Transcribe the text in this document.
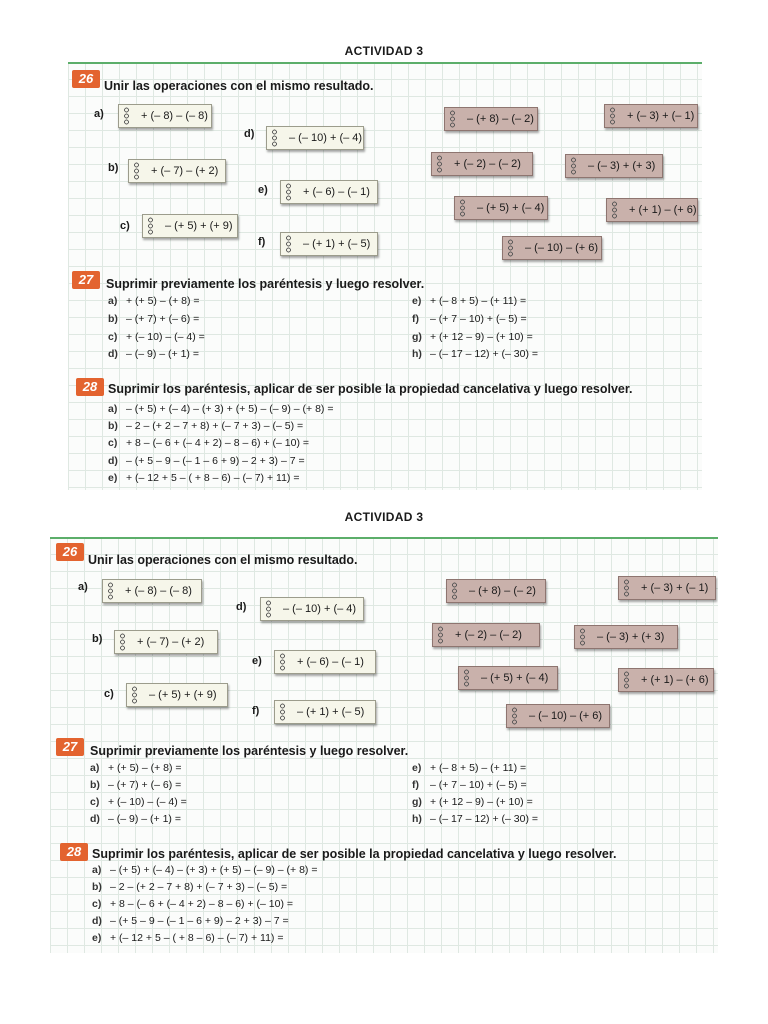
ACTIVIDAD 3
26 Unir las operaciones con el mismo resultado.
a)	+ (– 8) – (– 8)
b)	+ (– 7) – (+ 2)
c)	– (+ 5) + (+ 9)
d)	– (– 10) + (– 4)
e)	+ (– 6) – (– 1)
f)	– (+ 1) + (– 5)
– (+ 8) – (– 2)	+ (– 3) + (– 1)
+ (– 2) – (– 2)	– (– 3) + (+ 3)
– (+ 5) + (– 4)	+ (+ 1) – (+ 6)
– (– 10) – (+ 6)
27	Suprimir previamente los paréntesis y luego resolver.
a) + (+ 5) – (+ 8) =
b) – (+ 7) + (– 6) =
c) + (– 10) – (– 4) =
d) – (– 9) – (+ 1) =
e) + (– 8 + 5) – (+ 11) =
f) – (+ 7 – 10) + (– 5) =
g) + (+ 12 – 9) – (+ 10) =
h) – (– 17 – 12) + (– 30) =
28 Suprimir los paréntesis, aplicar de ser posible la propiedad cancelativa y luego resolver.
a) – (+ 5) + (– 4) – (+ 3) + (+ 5) – (– 9) – (+ 8) =
b) – 2 – (+ 2 – 7 + 8) + (– 7 + 3) – (– 5) =
c) + 8 – (– 6 + (– 4 + 2) – 8 – 6) + (– 10) =
d) – (+ 5 – 9 – (– 1 – 6 + 9) – 2 + 3) – 7 =
e) + (– 12 + 5 – ( + 8 – 6) – (– 7) + 11) =
ACTIVIDAD 3
26
Unir las operaciones con el mismo resultado.
a)	+ (– 8) – (– 8)
b)	+ (– 7) – (+ 2)
c)	– (+ 5) + (+ 9)
d)	– (– 10) + (– 4)
e)	+ (– 6) – (– 1)
f)	– (+ 1) + (– 5)
– (+ 8) – (– 2)	+ (– 3) + (– 1)
+ (– 2) – (– 2)	– (– 3) + (+ 3)
– (+ 5) + (– 4)	+ (+ 1) – (+ 6)
– (– 10) – (+ 6)
27	Suprimir previamente los paréntesis y luego resolver.
a) + (+ 5) – (+ 8) =
b) – (+ 7) + (– 6) =
c) + (– 10) – (– 4) =
d) – (– 9) – (+ 1) =
e) + (– 8 + 5) – (+ 11) =
f) – (+ 7 – 10) + (– 5) =
g) + (+ 12 – 9) – (+ 10) =
h) – (– 17 – 12) + (– 30) =
28 Suprimir los paréntesis, aplicar de ser posible la propiedad cancelativa y luego resolver.
a) – (+ 5) + (– 4) – (+ 3) + (+ 5) – (– 9) – (+ 8) =
b) – 2 – (+ 2 – 7 + 8) + (– 7 + 3) – (– 5) =
c) + 8 – (– 6 + (– 4 + 2) – 8 – 6) + (– 10) =
d) – (+ 5 – 9 – (– 1 – 6 + 9) – 2 + 3) – 7 =
e) + (– 12 + 5 – ( + 8 – 6) – (– 7) + 11) =
